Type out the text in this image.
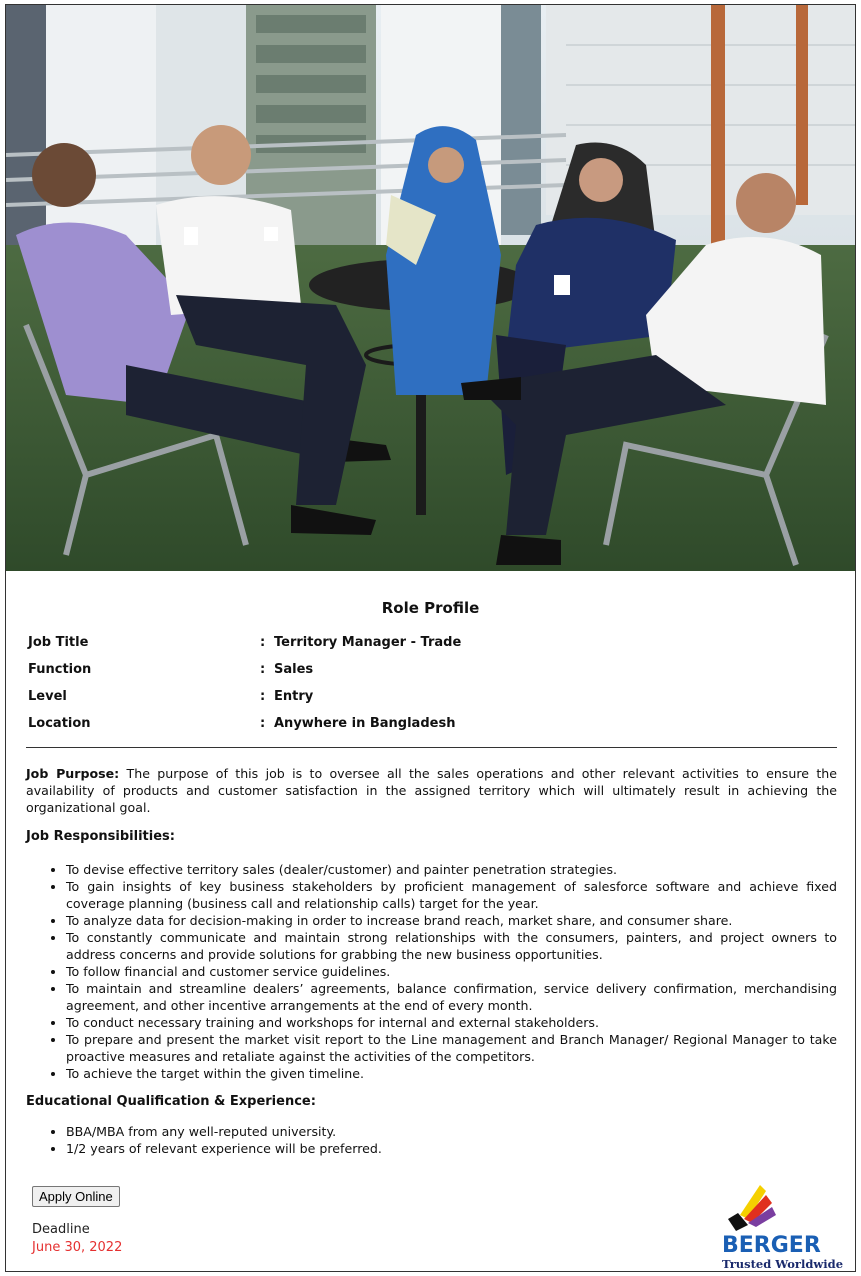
Role Profile
Job Title	: Territory Manager - Trade
Function	: Sales
Level	: Entry
Location	: Anywhere in Bangladesh
Job Purpose: The purpose of this job is to oversee all the sales operations and other relevant activities to ensure the availability of products and customer satisfaction in the assigned territory which will ultimately result in achieving the organizational goal.
Job Responsibilities:
• To devise effective territory sales (dealer/customer) and painter penetration strategies.
• To gain insights of key business stakeholders by proficient management of salesforce software and achieve fixed coverage planning (business call and relationship calls) target for the year.
• To analyze data for decision-making in order to increase brand reach, market share, and consumer share.
• To constantly communicate and maintain strong relationships with the consumers, painters, and project owners to address concerns and provide solutions for grabbing the new business opportunities.
• To follow financial and customer service guidelines.
• To maintain and streamline dealers’ agreements, balance confirmation, service delivery confirmation, merchandising agreement, and other incentive arrangements at the end of every month.
• To conduct necessary training and workshops for internal and external stakeholders.
• To prepare and present the market visit report to the Line management and Branch Manager/ Regional Manager to take proactive measures and retaliate against the activities of the competitors.
• To achieve the target within the given timeline.
Educational Qualification & Experience:
• BBA/MBA from any well-reputed university.
• 1/2 years of relevant experience will be preferred.
Apply Online
Deadline
June 30, 2022	BERGER
Trusted Worldwide
